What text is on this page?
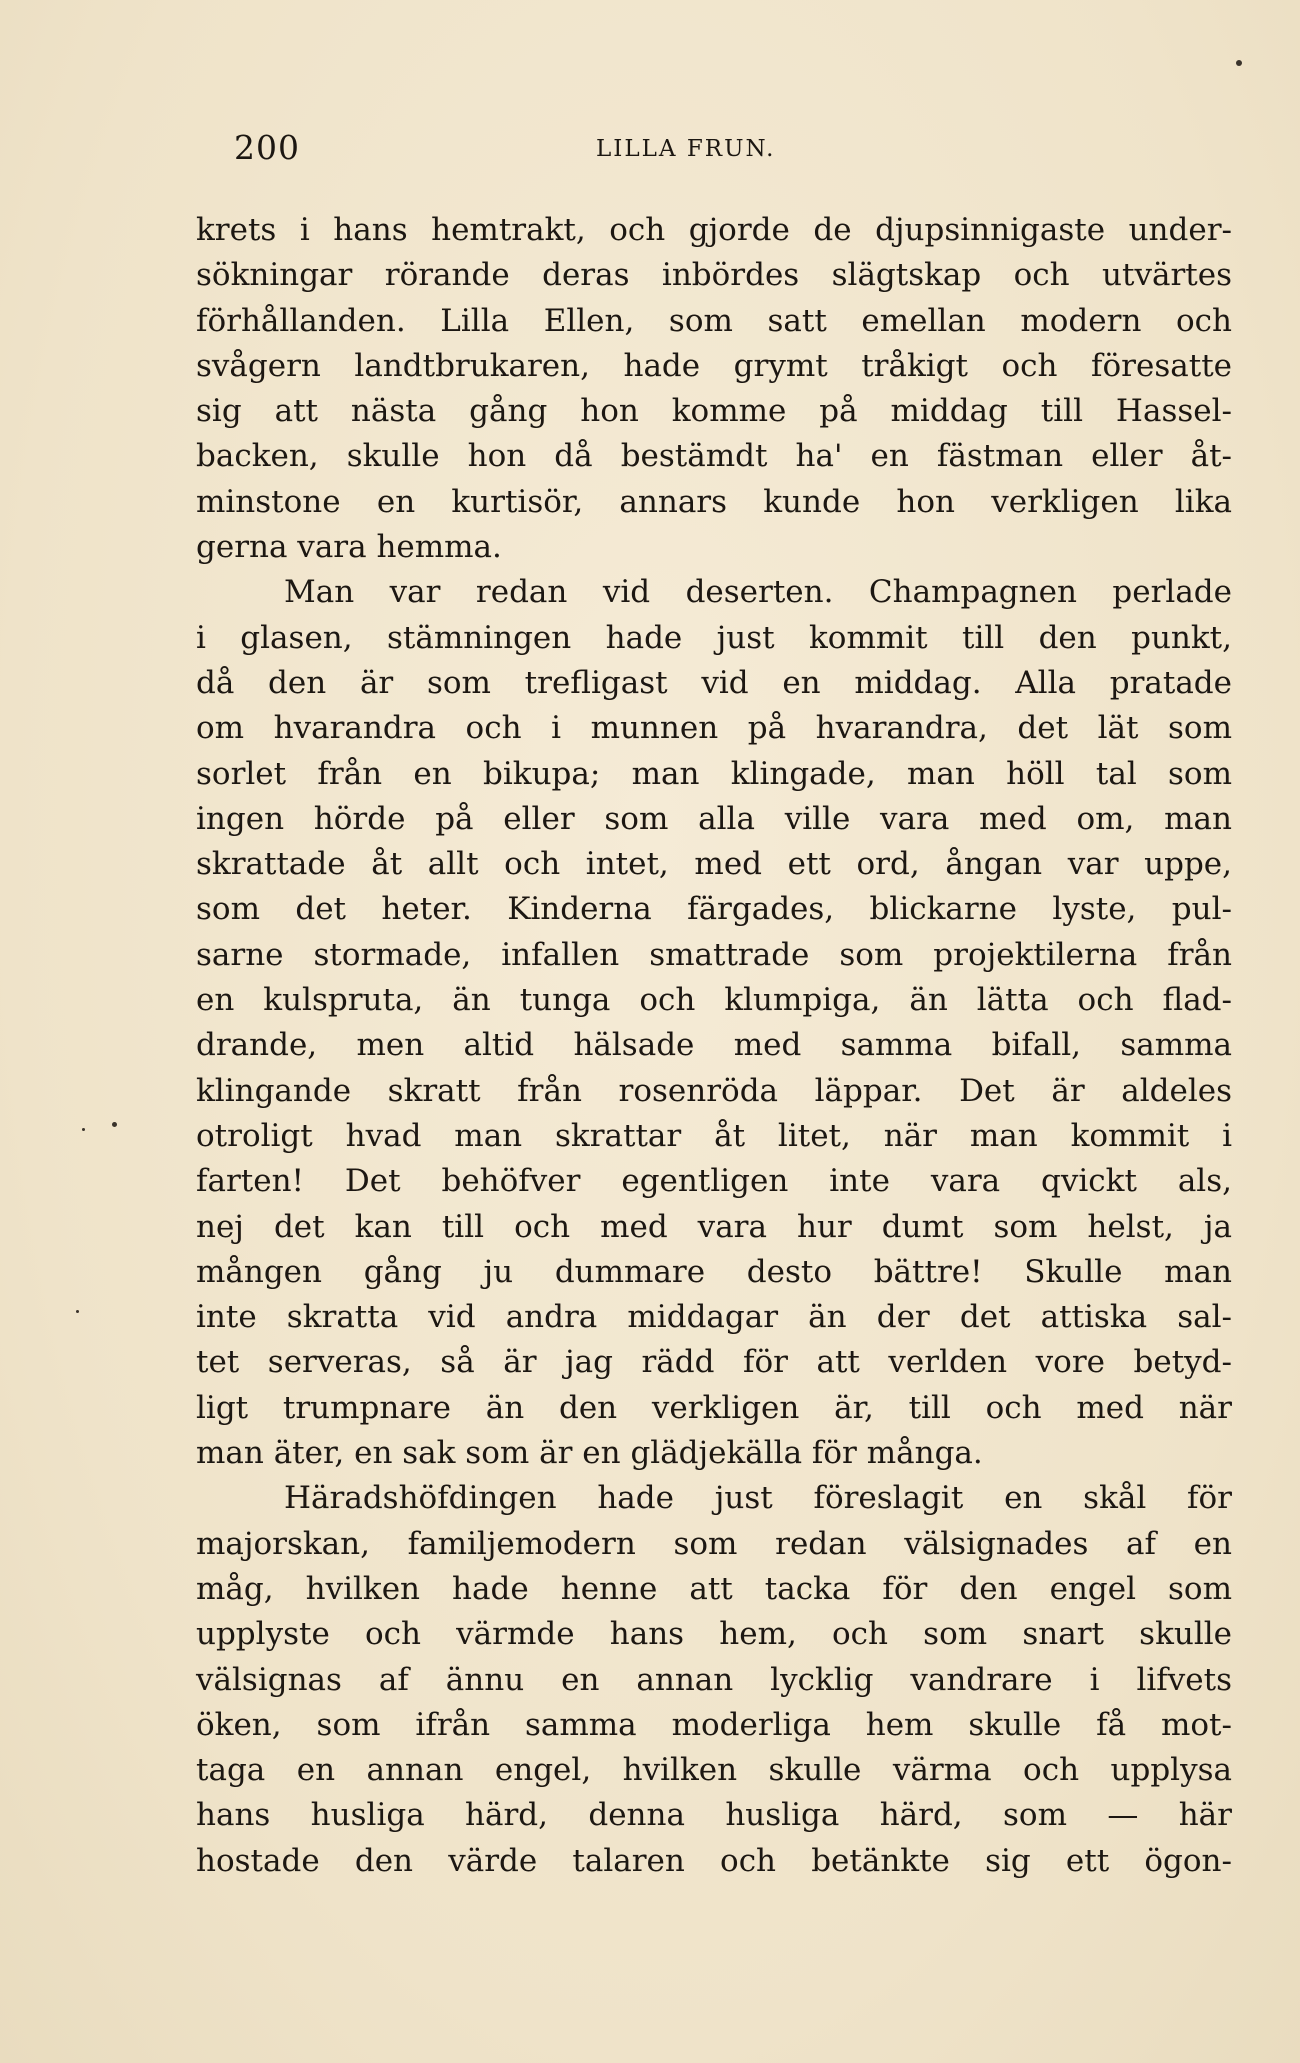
200	LILLA FRUN.
krets i hans hemtrakt, och gjorde de djupsinnigaste under-
sökningar rörande deras inbördes slägtskap och utvärtes
förhållanden. Lilla Ellen, som satt emellan modern och
svågern landtbrukaren, hade grymt tråkigt och föresatte
sig att nästa gång hon komme på middag till Hassel-
backen, skulle hon då bestämdt ha' en fästman eller åt-
minstone en kurtisör, annars kunde hon verkligen lika
gerna vara hemma.
Man var redan vid deserten. Champagnen perlade
i glasen, stämningen hade just kommit till den punkt,
då den är som trefligast vid en middag. Alla pratade
om hvarandra och i munnen på hvarandra, det lät som
sorlet från en bikupa; man klingade, man höll tal som
ingen hörde på eller som alla ville vara med om, man
skrattade åt allt och intet, med ett ord, ångan var uppe,
som det heter. Kinderna färgades, blickarne lyste, pul-
sarne stormade, infallen smattrade som projektilerna från
en kulspruta, än tunga och klumpiga, än lätta och flad-
drande, men altid hälsade med samma bifall, samma
klingande skratt från rosenröda läppar. Det är aldeles
otroligt hvad man skrattar åt litet, när man kommit i
farten! Det behöfver egentligen inte vara qvickt als,
nej det kan till och med vara hur dumt som helst, ja
mången gång ju dummare desto bättre! Skulle man
inte skratta vid andra middagar än der det attiska sal-
tet serveras, så är jag rädd för att verlden vore betyd-
ligt trumpnare än den verkligen är, till och med när
man äter, en sak som är en glädjekälla för många.
Häradshöfdingen hade just föreslagit en skål för
majorskan, familjemodern som redan välsignades af en
måg, hvilken hade henne att tacka för den engel som
upplyste och värmde hans hem, och som snart skulle
välsignas af ännu en annan lycklig vandrare i lifvets
öken, som ifrån samma moderliga hem skulle få mot-
taga en annan engel, hvilken skulle värma och upplysa
hans husliga härd, denna husliga härd, som — här
hostade den värde talaren och betänkte sig ett ögon-
